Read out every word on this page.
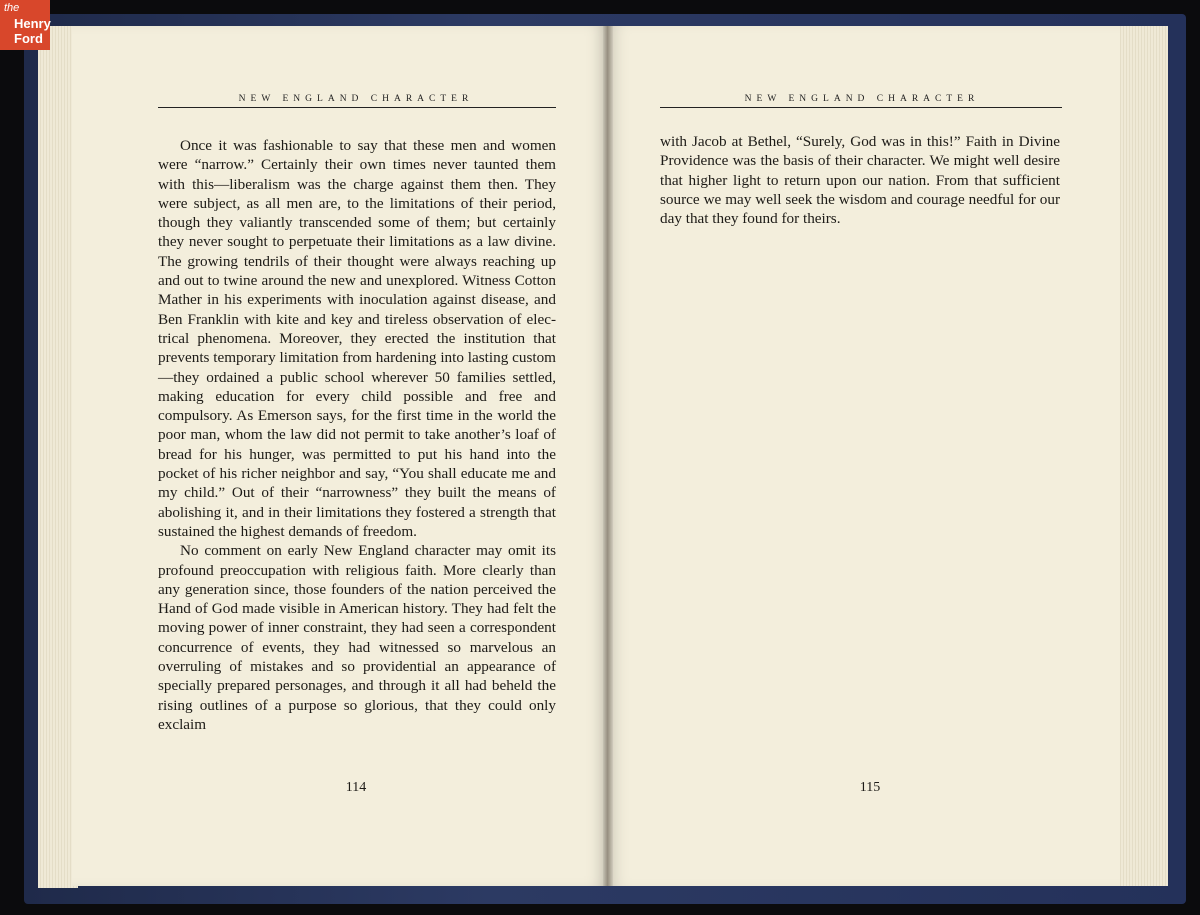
NEW ENGLAND CHARACTER

Once it was fashionable to say that these men and women were “narrow.” Certainly their own times never taunted them with this—liberalism was the charge against them then. They were subject, as all men are, to the limitations of their period, though they valiantly transcended some of them; but certainly they never sought to perpetuate their limitations as a law divine. The growing tendrils of their thought were always reaching up and out to twine around the new and unexplored. Witness Cotton Mather in his experiments with inoculation against disease, and Ben Franklin with kite and key and tireless observation of electrical phenomena. Moreover, they erected the institution that prevents temporary limitation from hardening into lasting custom—they ordained a public school wherever 50 families settled, making education for every child possible and free and compulsory. As Emerson says, for the first time in the world the poor man, whom the law did not permit to take another’s loaf of bread for his hunger, was permitted to put his hand into the pocket of his richer neighbor and say, “You shall educate me and my child.” Out of their “narrowness” they built the means of abolishing it, and in their limitations they fostered a strength that sustained the highest demands of freedom.

No comment on early New England character may omit its profound preoccupation with religious faith. More clearly than any generation since, those founders of the nation perceived the Hand of God made visible in American history. They had felt the moving power of inner constraint, they had seen a correspondent concurrence of events, they had witnessed so marvelous an overruling of mistakes and so providential an appearance of specially prepared personages, and through it all had beheld the rising outlines of a purpose so glorious, that they could only exclaim

114
NEW ENGLAND CHARACTER

with Jacob at Bethel, “Surely, God was in this!” Faith in Divine Providence was the basis of their character. We might well desire that higher light to return upon our nation. From that sufficient source we may well seek the wisdom and courage needful for our day that they found for theirs.

115
the
Henry
Ford
